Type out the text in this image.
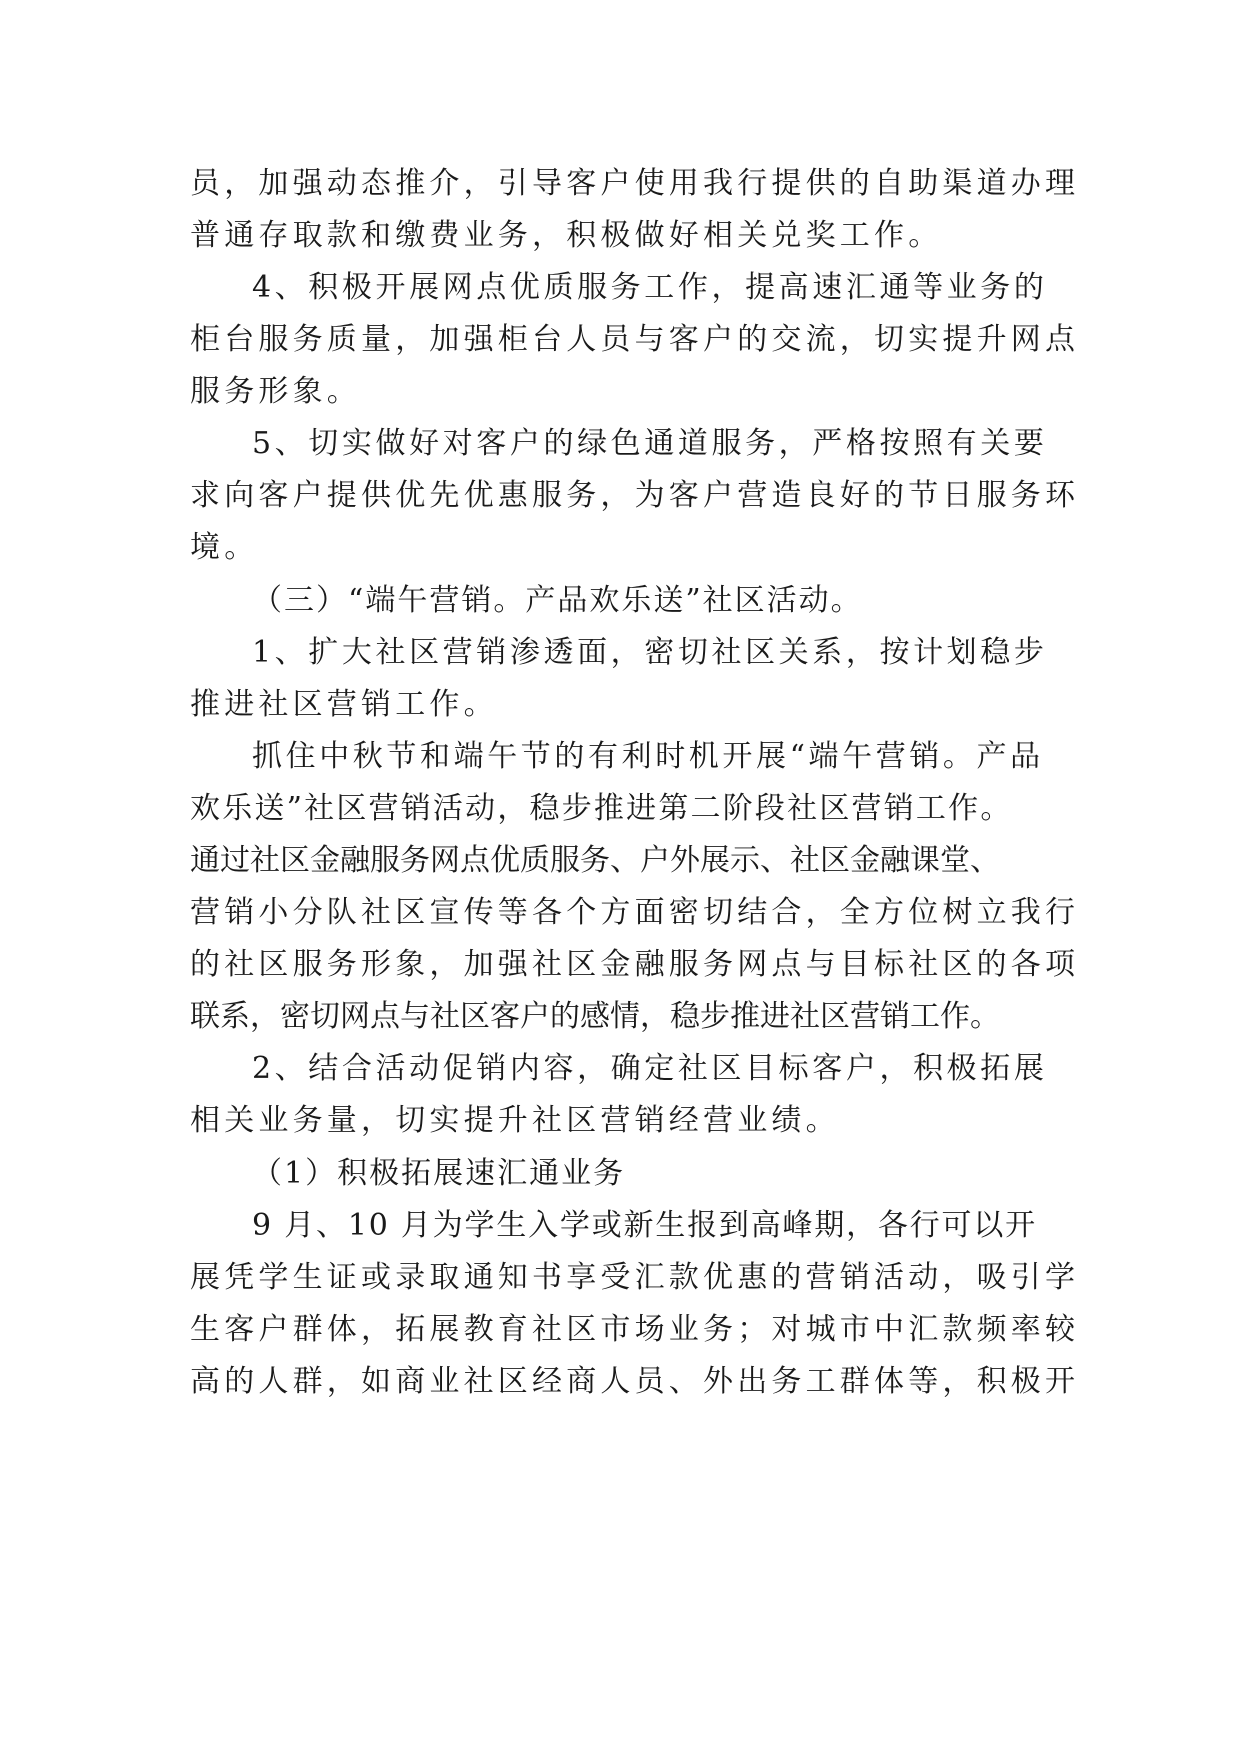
员，加强动态推介，引导客户使用我行提供的自助渠道办理
普通存取款和缴费业务，积极做好相关兑奖工作。
4、积极开展网点优质服务工作，提高速汇通等业务的
柜台服务质量，加强柜台人员与客户的交流，切实提升网点
服务形象。
5、切实做好对客户的绿色通道服务，严格按照有关要
求向客户提供优先优惠服务，为客户营造良好的节日服务环
境。
（三）“端午营销。产品欢乐送”社区活动。
1、扩大社区营销渗透面，密切社区关系，按计划稳步
推进社区营销工作。
抓住中秋节和端午节的有利时机开展“端午营销。产品
欢乐送”社区营销活动，稳步推进第二阶段社区营销工作。
通过社区金融服务网点优质服务、户外展示、社区金融课堂、
营销小分队社区宣传等各个方面密切结合，全方位树立我行
的社区服务形象，加强社区金融服务网点与目标社区的各项
联系，密切网点与社区客户的感情，稳步推进社区营销工作。
2、结合活动促销内容，确定社区目标客户，积极拓展
相关业务量，切实提升社区营销经营业绩。
（1）积极拓展速汇通业务
9 月、10 月为学生入学或新生报到高峰期，各行可以开
展凭学生证或录取通知书享受汇款优惠的营销活动，吸引学
生客户群体，拓展教育社区市场业务；对城市中汇款频率较
高的人群，如商业社区经商人员、外出务工群体等，积极开
